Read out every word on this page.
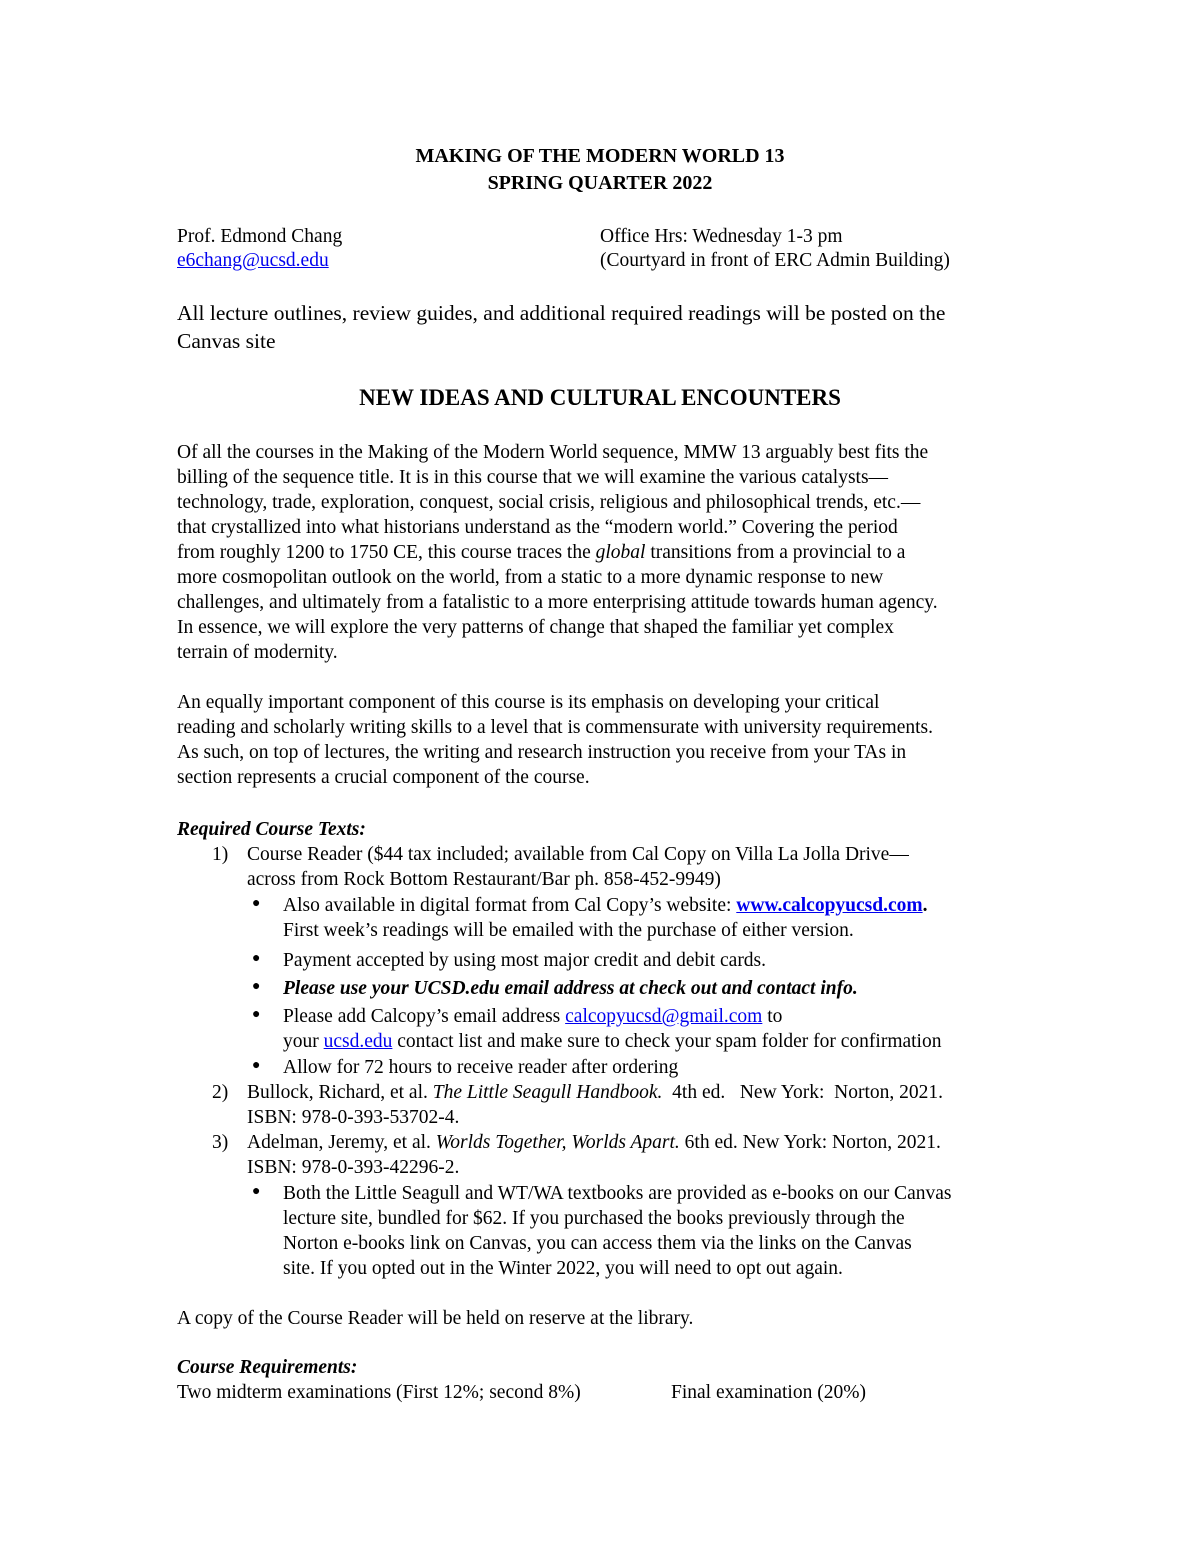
MAKING OF THE MODERN WORLD 13
SPRING QUARTER 2022
Prof. Edmond Chang
e6chang@ucsd.edu
Office Hrs: Wednesday 1-3 pm
(Courtyard in front of ERC Admin Building)
All lecture outlines, review guides, and additional required readings will be posted on the
Canvas site
NEW IDEAS AND CULTURAL ENCOUNTERS
Of all the courses in the Making of the Modern World sequence, MMW 13 arguably best fits the
billing of the sequence title. It is in this course that we will examine the various catalysts—
technology, trade, exploration, conquest, social crisis, religious and philosophical trends, etc.—
that crystallized into what historians understand as the “modern world.” Covering the period
from roughly 1200 to 1750 CE, this course traces the global transitions from a provincial to a
more cosmopolitan outlook on the world, from a static to a more dynamic response to new
challenges, and ultimately from a fatalistic to a more enterprising attitude towards human agency.
In essence, we will explore the very patterns of change that shaped the familiar yet complex
terrain of modernity.
An equally important component of this course is its emphasis on developing your critical
reading and scholarly writing skills to a level that is commensurate with university requirements.
As such, on top of lectures, the writing and research instruction you receive from your TAs in
section represents a crucial component of the course.
Required Course Texts:
1) Course Reader ($44 tax included; available from Cal Copy on Villa La Jolla Drive—
across from Rock Bottom Restaurant/Bar ph. 858-452-9949)
● Also available in digital format from Cal Copy’s website: www.calcopyucsd.com.
First week’s readings will be emailed with the purchase of either version.
● Payment accepted by using most major credit and debit cards.
● Please use your UCSD.edu email address at check out and contact info.
● Please add Calcopy’s email address calcopyucsd@gmail.com to
your ucsd.edu contact list and make sure to check your spam folder for confirmation
● Allow for 72 hours to receive reader after ordering
2) Bullock, Richard, et al. The Little Seagull Handbook.  4th ed.   New York:  Norton, 2021.
ISBN: 978-0-393-53702-4.
3) Adelman, Jeremy, et al. Worlds Together, Worlds Apart. 6th ed. New York: Norton, 2021.
ISBN: 978-0-393-42296-2.
● Both the Little Seagull and WT/WA textbooks are provided as e-books on our Canvas
lecture site, bundled for $62. If you purchased the books previously through the
Norton e-books link on Canvas, you can access them via the links on the Canvas
site. If you opted out in the Winter 2022, you will need to opt out again.
A copy of the Course Reader will be held on reserve at the library.
Course Requirements:
Two midterm examinations (First 12%; second 8%)	Final examination (20%)
